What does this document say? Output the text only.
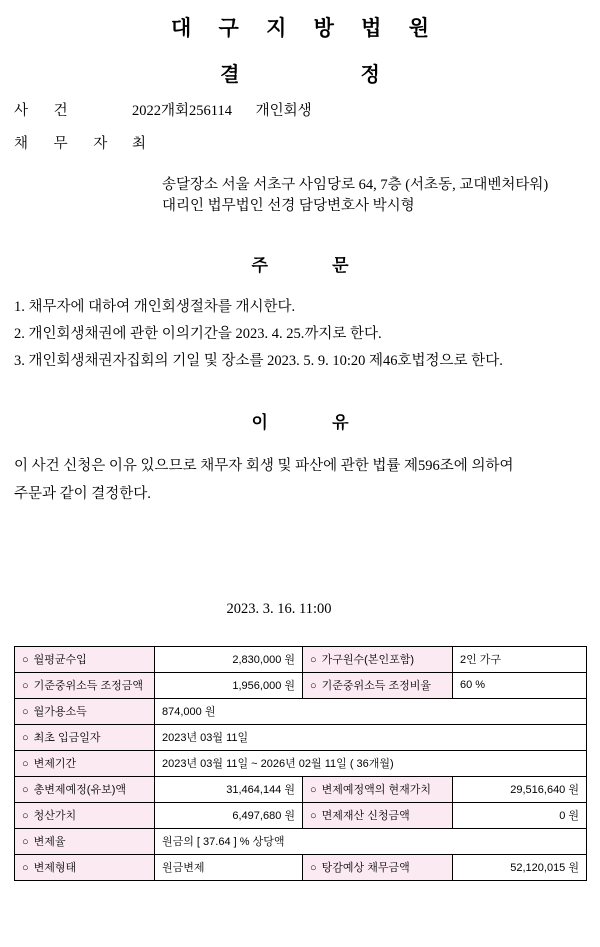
대 구 지 방 법 원
결 정
사 건	2022개회256114 개인회생
채 무 자 최
송달장소 서울 서초구 사임당로 64, 7층 (서초동, 교대벤처타워)
대리인 법무법인 선경 담당변호사 박시형
주 문
1. 채무자에 대하여 개인회생절차를 개시한다.
2. 개인회생채권에 관한 이의기간을 2023. 4. 25.까지로 한다.
3. 개인회생채권자집회의 기일 및 장소를 2023. 5. 9. 10:20 제46호법정으로 한다.
이 유
이 사건 신청은 이유 있으므로 채무자 회생 및 파산에 관한 법률 제596조에 의하여
주문과 같이 결정한다.
2023. 3. 16. 11:00
○ 월평균수입	2,830,000 원	○ 가구원수(본인포함)	2인 가구
○ 기준중위소득 조정금액	1,956,000 원	○ 기준중위소득 조정비율	60 %
○ 월가용소득	874,000 원		
○ 최초 입금일자	2023년 03월 11일		
○ 변제기간	2023년 03월 11일 ~ 2026년 02월 11일 ( 36개월)		
○ 총변제예정(유보)액	31,464,144 원	○ 변제예정액의 현재가치	29,516,640 원
○ 청산가치	6,497,680 원	○ 면제재산 신청금액	0 원
○ 변제율	원금의 [ 37.64 ] % 상당액		
○ 변제형태	원금변제	○ 탕감예상 채무금액	52,120,015 원
